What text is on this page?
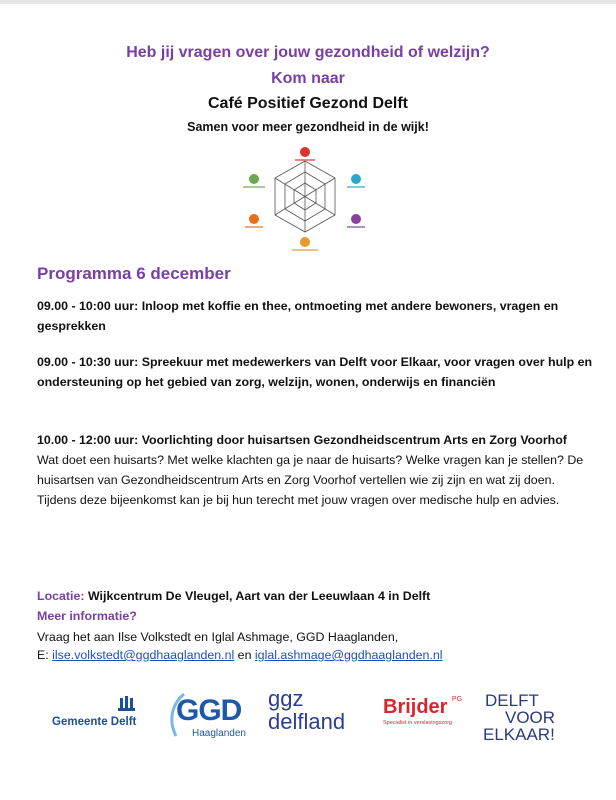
Heb jij vragen over jouw gezondheid of welzijn?
Kom naar
Café Positief Gezond Delft
Samen voor meer gezondheid in de wijk!
Programma 6 december
09.00 - 10:00 uur: Inloop met koffie en thee, ontmoeting met andere bewoners, vragen en gesprekken
09.00 - 10:30 uur: Spreekuur met medewerkers van Delft voor Elkaar, voor vragen over hulp en ondersteuning op het gebied van zorg, welzijn, wonen, onderwijs en financiën
10.00 - 12:00 uur: Voorlichting door huisartsen Gezondheidscentrum Arts en Zorg Voorhof
Wat doet een huisarts? Met welke klachten ga je naar de huisarts? Welke vragen kan je stellen? De huisartsen van Gezondheidscentrum Arts en Zorg Voorhof vertellen wie zij zijn en wat zij doen. Tijdens deze bijeenkomst kan je bij hun terecht met jouw vragen over medische hulp en advies.
Locatie: Wijkcentrum De Vleugel, Aart van der Leeuwlaan 4 in Delft
Meer informatie?
Vraag het aan Ilse Volkstedt en Iglal Ashmage, GGD Haaglanden,
E: ilse.volkstedt@ggdhaaglanden.nl en iglal.ashmage@ggdhaaglanden.nl
Gemeente Delft	GGD
Haaglanden
ggz
delfland
Brijder $^{PG}$
Specialist in verslavingszorg
DELFT
VOOR
ELKAAR!
